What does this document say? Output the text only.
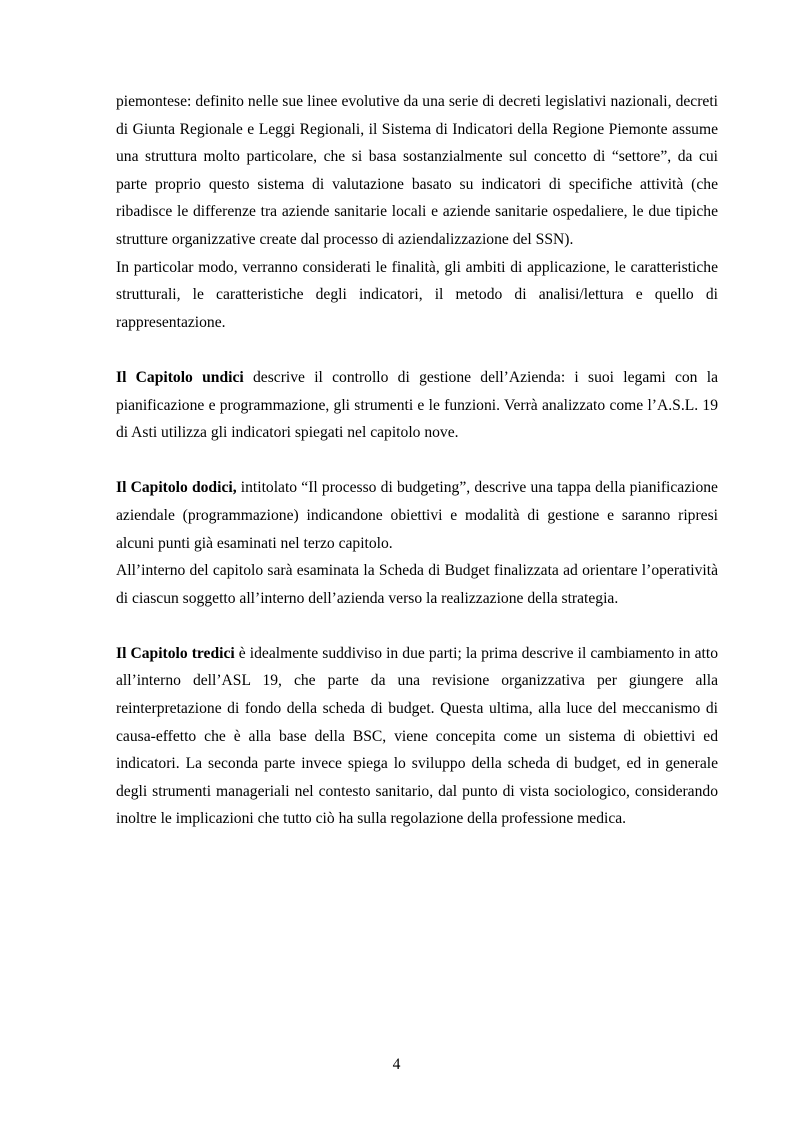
piemontese: definito nelle sue linee evolutive da una serie di decreti legislativi nazionali, decreti di Giunta Regionale e Leggi Regionali, il Sistema di Indicatori della Regione Piemonte assume una struttura molto particolare, che si basa sostanzialmente sul concetto di “settore”, da cui parte proprio questo sistema di valutazione basato su indicatori di specifiche attività (che ribadisce le differenze tra aziende sanitarie locali e aziende sanitarie ospedaliere, le due tipiche strutture organizzative create dal processo di aziendalizzazione del SSN).

In particolar modo, verranno considerati le finalità, gli ambiti di applicazione, le caratteristiche strutturali, le caratteristiche degli indicatori, il metodo di analisi/lettura e quello di rappresentazione.

Il Capitolo undici descrive il controllo di gestione dell’Azienda: i suoi legami con la pianificazione e programmazione, gli strumenti e le funzioni. Verrà analizzato come l’A.S.L. 19 di Asti utilizza gli indicatori spiegati nel capitolo nove.

Il Capitolo dodici, intitolato “Il processo di budgeting”, descrive una tappa della pianificazione aziendale (programmazione) indicandone obiettivi e modalità di gestione e saranno ripresi alcuni punti già esaminati nel terzo capitolo.

All’interno del capitolo sarà esaminata la Scheda di Budget finalizzata ad orientare l’operatività di ciascun soggetto all’interno dell’azienda verso la realizzazione della strategia.

Il Capitolo tredici è idealmente suddiviso in due parti; la prima descrive il cambiamento in atto all’interno dell’ASL 19, che parte da una revisione organizzativa per giungere alla reinterpretazione di fondo della scheda di budget. Questa ultima, alla luce del meccanismo di causa-effetto che è alla base della BSC, viene concepita come un sistema di obiettivi ed indicatori. La seconda parte invece spiega lo sviluppo della scheda di budget, ed in generale degli strumenti manageriali nel contesto sanitario, dal punto di vista sociologico, considerando inoltre le implicazioni che tutto ciò ha sulla regolazione della professione medica.

4
